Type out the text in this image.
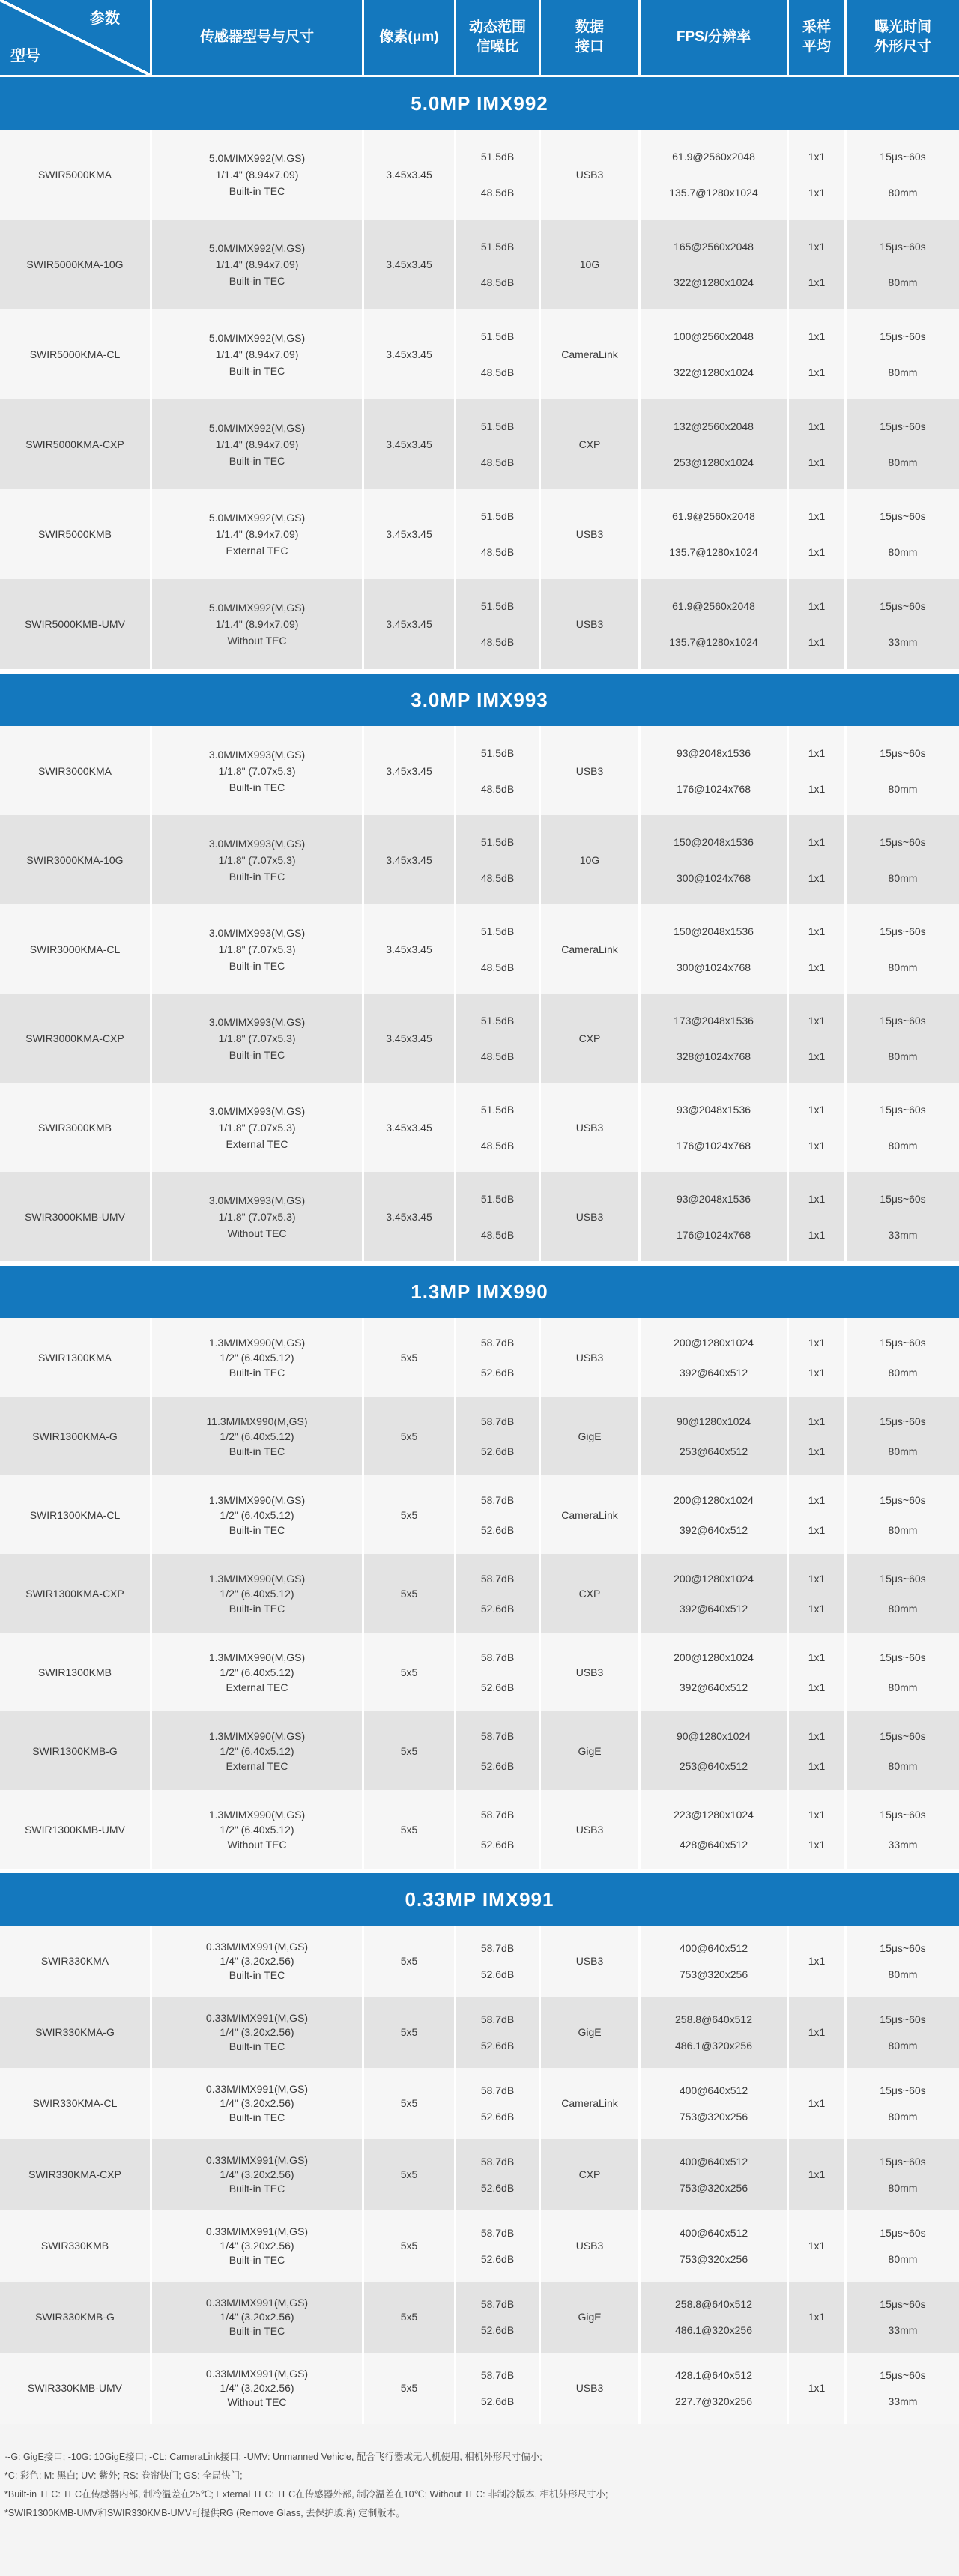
参数
型号
传感器型号与尺寸	像素(μm)
动态范围
信噪比
数据
接口
FPS/分辨率
采样
平均
曝光时间
外形尺寸
5.0MP IMX992
SWIR5000KMA
5.0M/IMX992(M,GS)
1/1.4" (8.94x7.09)
Built-in TEC
3.45x3.45
51.5dB
48.5dB
USB3
61.9@2560x2048
135.7@1280x1024
1x1
1x1
15μs~60s
80mm
SWIR5000KMA-10G
5.0M/IMX992(M,GS)
1/1.4" (8.94x7.09)
Built-in TEC
3.45x3.45
51.5dB
48.5dB
10G
165@2560x2048
322@1280x1024
1x1
1x1
15μs~60s
80mm
SWIR5000KMA-CL
5.0M/IMX992(M,GS)
1/1.4" (8.94x7.09)
Built-in TEC
3.45x3.45
51.5dB
48.5dB
CameraLink
100@2560x2048
322@1280x1024
1x1
1x1
15μs~60s
80mm
SWIR5000KMA-CXP
5.0M/IMX992(M,GS)
1/1.4" (8.94x7.09)
Built-in TEC
3.45x3.45
51.5dB
48.5dB
CXP
132@2560x2048
253@1280x1024
1x1
1x1
15μs~60s
80mm
SWIR5000KMB
5.0M/IMX992(M,GS)
1/1.4" (8.94x7.09)
External TEC
3.45x3.45
51.5dB
48.5dB
USB3
61.9@2560x2048
135.7@1280x1024
1x1
1x1
15μs~60s
80mm
SWIR5000KMB-UMV
5.0M/IMX992(M,GS)
1/1.4" (8.94x7.09)
Without TEC
3.45x3.45
51.5dB
48.5dB
USB3
61.9@2560x2048
135.7@1280x1024
1x1
1x1
15μs~60s
33mm
3.0MP IMX993
SWIR3000KMA
3.0M/IMX993(M,GS)
1/1.8" (7.07x5.3)
Built-in TEC
3.45x3.45
51.5dB
48.5dB
USB3
93@2048x1536
176@1024x768
1x1
1x1
15μs~60s
80mm
SWIR3000KMA-10G
3.0M/IMX993(M,GS)
1/1.8" (7.07x5.3)
Built-in TEC
3.45x3.45
51.5dB
48.5dB
10G
150@2048x1536
300@1024x768
1x1
1x1
15μs~60s
80mm
SWIR3000KMA-CL
3.0M/IMX993(M,GS)
1/1.8" (7.07x5.3)
Built-in TEC
3.45x3.45
51.5dB
48.5dB
CameraLink
150@2048x1536
300@1024x768
1x1
1x1
15μs~60s
80mm
SWIR3000KMA-CXP
3.0M/IMX993(M,GS)
1/1.8" (7.07x5.3)
Built-in TEC
3.45x3.45
51.5dB
48.5dB
CXP
173@2048x1536
328@1024x768
1x1
1x1
15μs~60s
80mm
SWIR3000KMB
3.0M/IMX993(M,GS)
1/1.8" (7.07x5.3)
External TEC
3.45x3.45
51.5dB
48.5dB
USB3
93@2048x1536
176@1024x768
1x1
1x1
15μs~60s
80mm
SWIR3000KMB-UMV
3.0M/IMX993(M,GS)
1/1.8" (7.07x5.3)
Without TEC
3.45x3.45
51.5dB
48.5dB
USB3
93@2048x1536
176@1024x768
1x1
1x1
15μs~60s
33mm
1.3MP IMX990
SWIR1300KMA
1.3M/IMX990(M,GS)
1/2" (6.40x5.12)
Built-in TEC
5x5
58.7dB
52.6dB
USB3
200@1280x1024
392@640x512
1x1
1x1
15μs~60s
80mm
SWIR1300KMA-G
11.3M/IMX990(M,GS)
1/2" (6.40x5.12)
Built-in TEC
5x5
58.7dB
52.6dB
GigE
90@1280x1024
253@640x512
1x1
1x1
15μs~60s
80mm
SWIR1300KMA-CL
1.3M/IMX990(M,GS)
1/2" (6.40x5.12)
Built-in TEC
5x5
58.7dB
52.6dB
CameraLink
200@1280x1024
392@640x512
1x1
1x1
15μs~60s
80mm
SWIR1300KMA-CXP
1.3M/IMX990(M,GS)
1/2" (6.40x5.12)
Built-in TEC
5x5
58.7dB
52.6dB
CXP
200@1280x1024
392@640x512
1x1
1x1
15μs~60s
80mm
SWIR1300KMB
1.3M/IMX990(M,GS)
1/2" (6.40x5.12)
External TEC
5x5
58.7dB
52.6dB
USB3
200@1280x1024
392@640x512
1x1
1x1
15μs~60s
80mm
SWIR1300KMB-G
1.3M/IMX990(M,GS)
1/2" (6.40x5.12)
External TEC
5x5
58.7dB
52.6dB
GigE
90@1280x1024
253@640x512
1x1
1x1
15μs~60s
80mm
SWIR1300KMB-UMV
1.3M/IMX990(M,GS)
1/2" (6.40x5.12)
Without TEC
5x5
58.7dB
52.6dB
USB3
223@1280x1024
428@640x512
1x1
1x1
15μs~60s
33mm
0.33MP IMX991
SWIR330KMA
0.33M/IMX991(M,GS)
1/4" (3.20x2.56)
Built-in TEC
5x5
58.7dB
52.6dB
USB3
400@640x512
753@320x256
1x1
15μs~60s
80mm
SWIR330KMA-G
0.33M/IMX991(M,GS)
1/4" (3.20x2.56)
Built-in TEC
5x5
58.7dB
52.6dB
GigE
258.8@640x512
486.1@320x256
1x1
15μs~60s
80mm
SWIR330KMA-CL
0.33M/IMX991(M,GS)
1/4" (3.20x2.56)
Built-in TEC
5x5
58.7dB
52.6dB
CameraLink
400@640x512
753@320x256
1x1
15μs~60s
80mm
SWIR330KMA-CXP
0.33M/IMX991(M,GS)
1/4" (3.20x2.56)
Built-in TEC
5x5
58.7dB
52.6dB
CXP
400@640x512
753@320x256
1x1
15μs~60s
80mm
SWIR330KMB
0.33M/IMX991(M,GS)
1/4" (3.20x2.56)
Built-in TEC
5x5
58.7dB
52.6dB
USB3
400@640x512
753@320x256
1x1
15μs~60s
80mm
SWIR330KMB-G
0.33M/IMX991(M,GS)
1/4" (3.20x2.56)
Built-in TEC
5x5
58.7dB
52.6dB
GigE
258.8@640x512
486.1@320x256
1x1
15μs~60s
33mm
SWIR330KMB-UMV
0.33M/IMX991(M,GS)
1/4" (3.20x2.56)
Without TEC
5x5
58.7dB
52.6dB
USB3
428.1@640x512
227.7@320x256
1x1
15μs~60s
33mm

·-G: GigE接口; -10G: 10GigE接口; -CL: CameraLink接口; -UMV: Unmanned Vehicle, 配合飞行器或无人机使用, 相机外形尺寸偏小;

*C: 彩色; M: 黑白; UV: 紫外; RS: 卷帘快门; GS: 全局快门;

*Built-in TEC: TEC在传感器内部, 制冷温差在25℃; External TEC: TEC在传感器外部, 制冷温差在10℃; Without TEC: 非制冷版本, 相机外形尺寸小;

*SWIR1300KMB-UMV和SWIR330KMB-UMV可提供RG (Remove Glass, 去保护玻璃) 定制版本。
